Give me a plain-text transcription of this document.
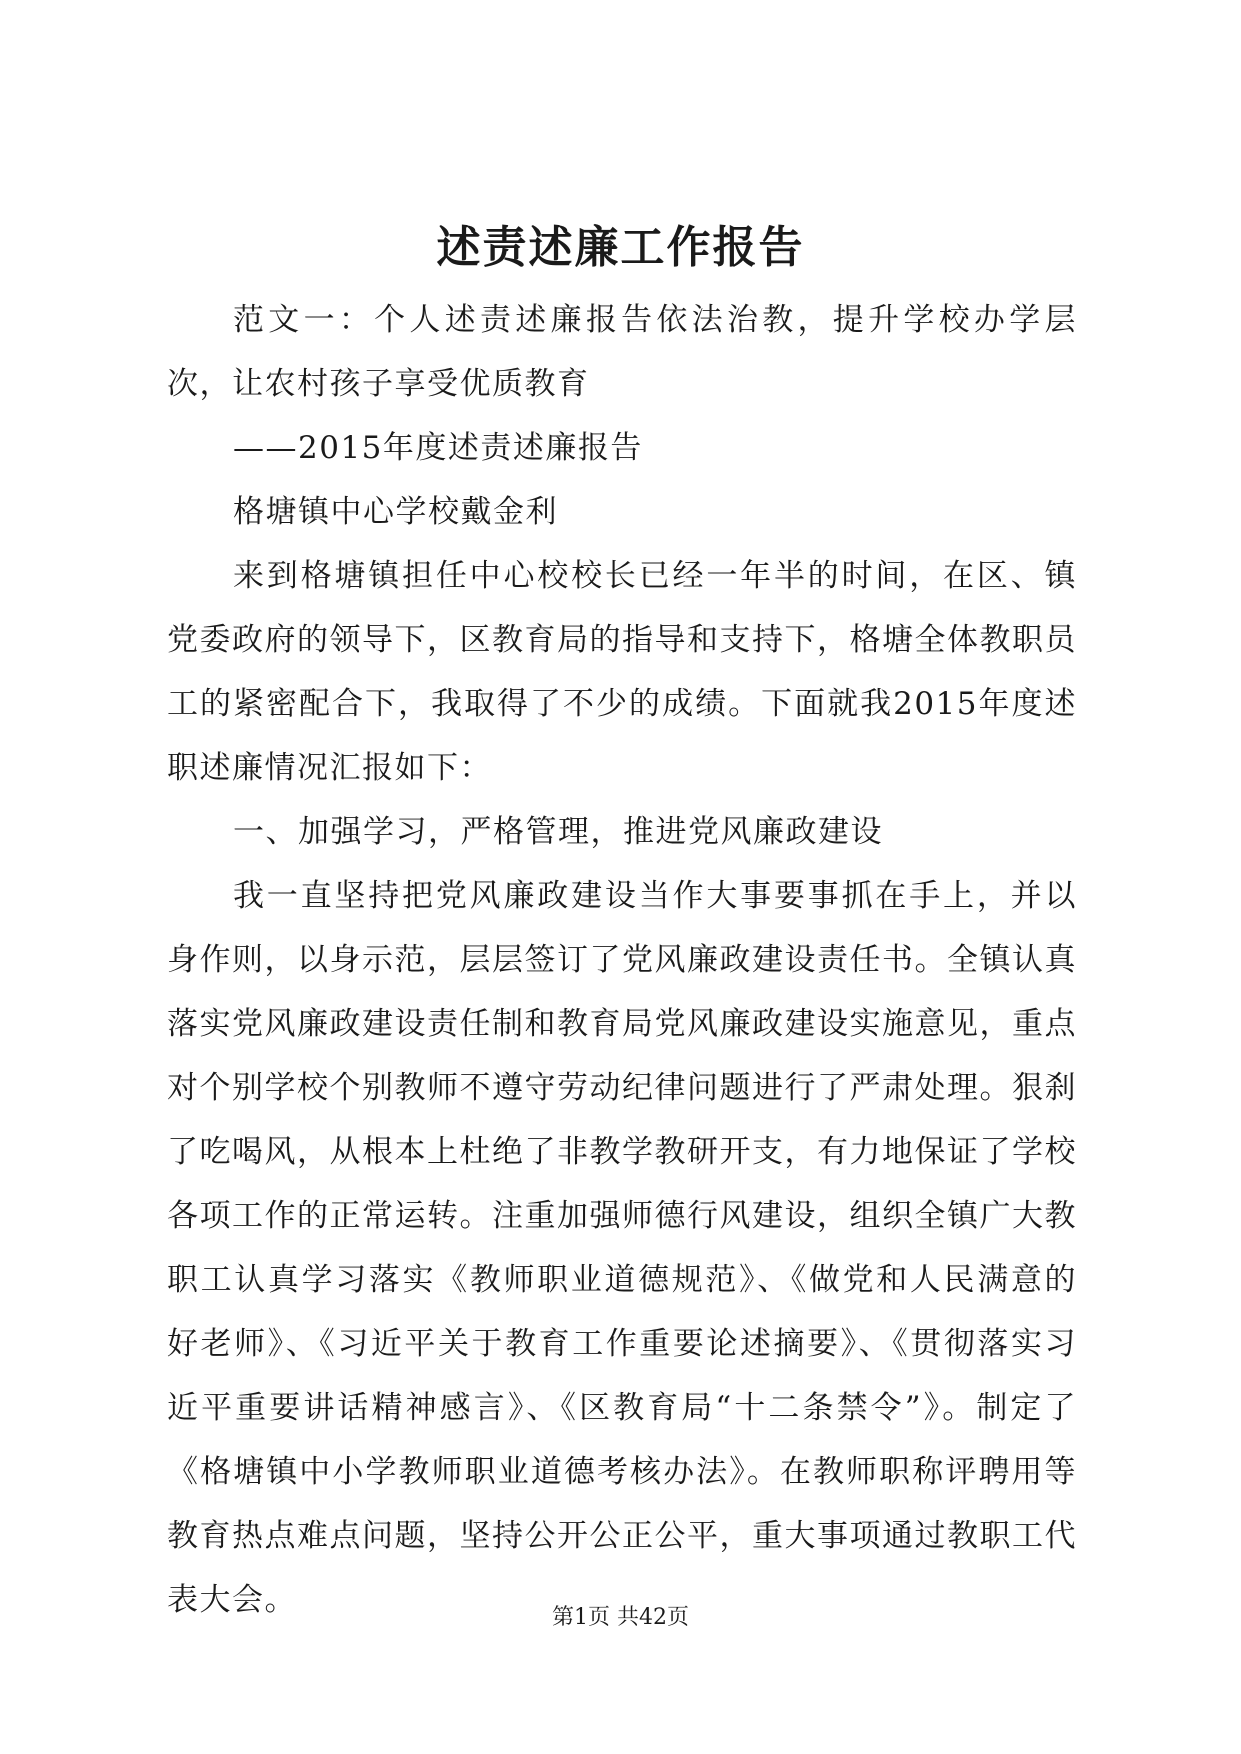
述责述廉工作报告

范文一：个人述责述廉报告依法治教，提升学校办学层次，让农村孩子享受优质教育

——2015年度述责述廉报告

格塘镇中心学校戴金利

来到格塘镇担任中心校校长已经一年半的时间，在区、镇党委政府的领导下，区教育局的指导和支持下，格塘全体教职员工的紧密配合下，我取得了不少的成绩。下面就我2015年度述职述廉情况汇报如下：

一、加强学习，严格管理，推进党风廉政建设

我一直坚持把党风廉政建设当作大事要事抓在手上，并以身作则，以身示范，层层签订了党风廉政建设责任书。全镇认真落实党风廉政建设责任制和教育局党风廉政建设实施意见，重点对个别学校个别教师不遵守劳动纪律问题进行了严肃处理。狠刹了吃喝风，从根本上杜绝了非教学教研开支，有力地保证了学校各项工作的正常运转。注重加强师德行风建设，组织全镇广大教职工认真学习落实《教师职业道德规范》、《做党和人民满意的好老师》、《习近平关于教育工作重要论述摘要》、《贯彻落实习近平重要讲话精神感言》、《区教育局“十二条禁令”》。制定了《格塘镇中小学教师职业道德考核办法》。在教师职称评聘用等教育热点难点问题，坚持公开公正公平，重大事项通过教职工代表大会。	第1页 共42页
